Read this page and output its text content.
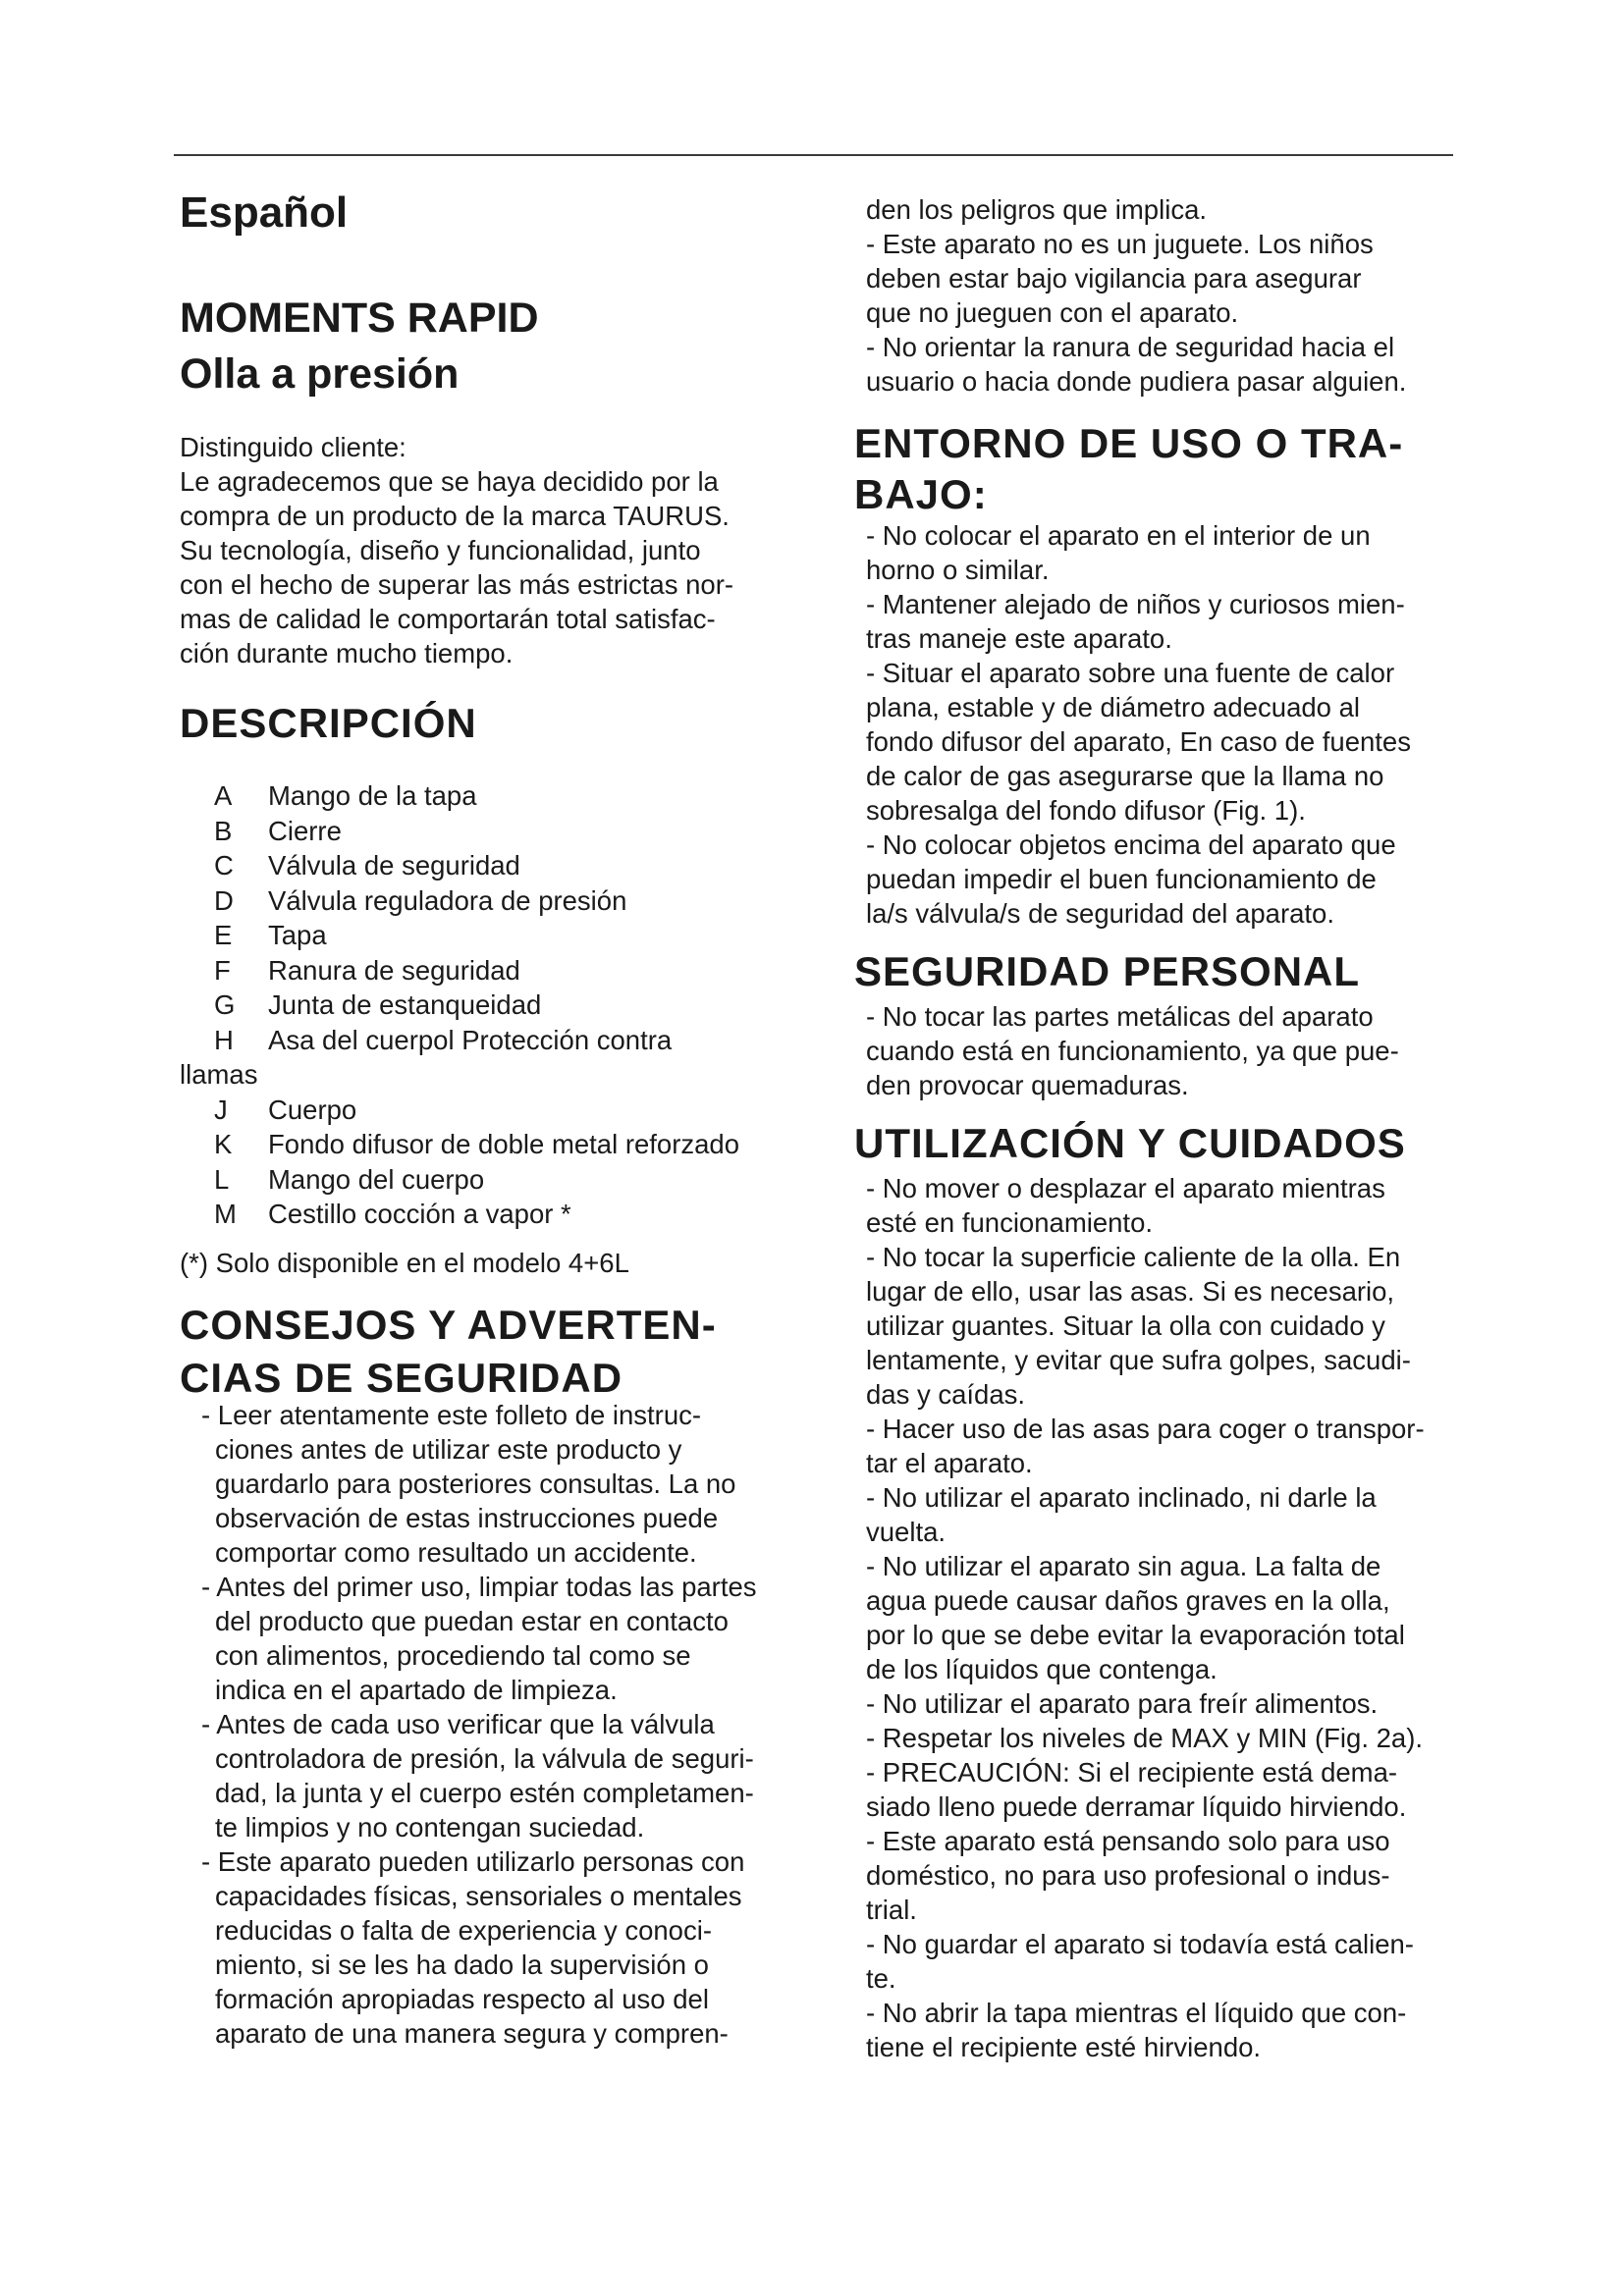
Español
MOMENTS RAPID
Olla a presión

Distinguido cliente:

Le agradecemos que se haya decidido por la

compra de un producto de la marca TAURUS.

Su tecnología, diseño y funcionalidad, junto

con el hecho de superar las más estrictas nor-

mas de calidad le comportarán total satisfac-

ción durante mucho tiempo.

DESCRIPCIÓN
A	Mango de la tapa
B	Cierre
C	Válvula de seguridad
D	Válvula reguladora de presión
E	Tapa
F	Ranura de seguridad
G	Junta de estanqueidad
H Asa del cuerpol Protección contra
llamas
J	Cuerpo
K	Fondo difusor de doble metal reforzado
L	Mango del cuerpo
M	Cestillo cocción a vapor *

(*) Solo disponible en el modelo 4+6L

CONSEJOS Y ADVERTEN-
CIAS DE SEGURIDAD

- Leer atentamente este folleto de instruc-

ciones antes de utilizar este producto y

guardarlo para posteriores consultas. La no

observación de estas instrucciones puede

comportar como resultado un accidente.

- Antes del primer uso, limpiar todas las partes

del producto que puedan estar en contacto

con alimentos, procediendo tal como se

indica en el apartado de limpieza.

- Antes de cada uso verificar que la válvula

controladora de presión, la válvula de seguri-

dad, la junta y el cuerpo estén completamen-

te limpios y no contengan suciedad.

- Este aparato pueden utilizarlo personas con

capacidades físicas, sensoriales o mentales

reducidas o falta de experiencia y conoci-

miento, si se les ha dado la supervisión o

formación apropiadas respecto al uso del

aparato de una manera segura y compren-

den los peligros que implica.

- Este aparato no es un juguete. Los niños

deben estar bajo vigilancia para asegurar

que no jueguen con el aparato.

- No orientar la ranura de seguridad hacia el

usuario o hacia donde pudiera pasar alguien.

ENTORNO DE USO O TRA-
BAJO:

- No colocar el aparato en el interior de un

horno o similar.

- Mantener alejado de niños y curiosos mien-

tras maneje este aparato.

- Situar el aparato sobre una fuente de calor

plana, estable y de diámetro adecuado al

fondo difusor del aparato, En caso de fuentes

de calor de gas asegurarse que la llama no

sobresalga del fondo difusor (Fig. 1).

- No colocar objetos encima del aparato que

puedan impedir el buen funcionamiento de

la/s válvula/s de seguridad del aparato.

SEGURIDAD PERSONAL

- No tocar las partes metálicas del aparato

cuando está en funcionamiento, ya que pue-

den provocar quemaduras.

UTILIZACIÓN Y CUIDADOS

- No mover o desplazar el aparato mientras

esté en funcionamiento.

- No tocar la superficie caliente de la olla. En

lugar de ello, usar las asas. Si es necesario,

utilizar guantes. Situar la olla con cuidado y

lentamente, y evitar que sufra golpes, sacudi-

das y caídas.

- Hacer uso de las asas para coger o transpor-

tar el aparato.

- No utilizar el aparato inclinado, ni darle la

vuelta.

- No utilizar el aparato sin agua. La falta de

agua puede causar daños graves en la olla,

por lo que se debe evitar la evaporación total

de los líquidos que contenga.

- No utilizar el aparato para freír alimentos.

- Respetar los niveles de MAX y MIN (Fig. 2a).

- PRECAUCIÓN: Si el recipiente está dema-

siado lleno puede derramar líquido hirviendo.

- Este aparato está pensando solo para uso

doméstico, no para uso profesional o indus-

trial.

- No guardar el aparato si todavía está calien-

te.

- No abrir la tapa mientras el líquido que con-

tiene el recipiente esté hirviendo.
